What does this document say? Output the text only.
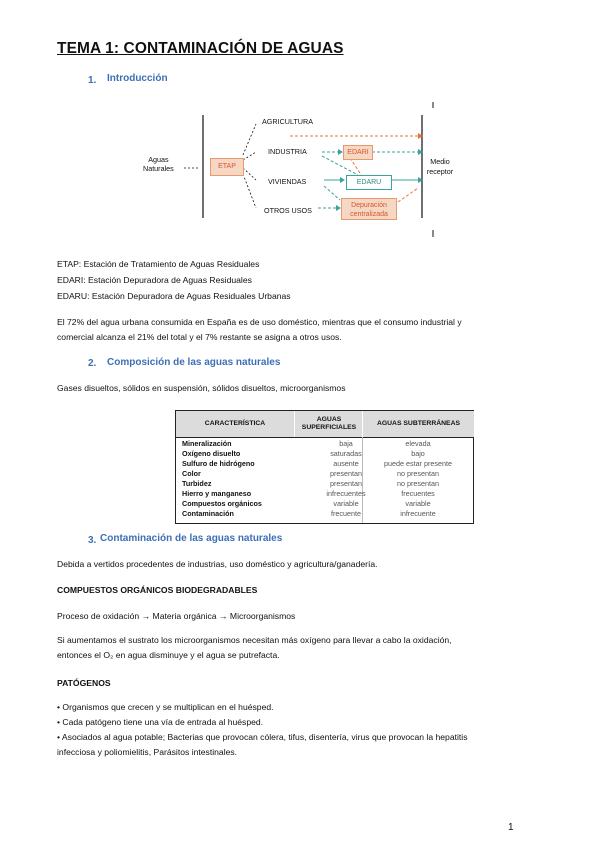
TEMA 1: CONTAMINACIÓN DE AGUAS
1. Introducción
Aguas
Naturales	ETAP
AGRICULTURA
INDUSTRIA
VIVIENDAS
OTROS USOS
EDARI
EDARU
Depuración
centralizada
Medio
receptor
ETAP: Estación de Tratamiento de Aguas Residuales
EDARI: Estación Depuradora de Aguas Residuales
EDARU: Estación Depuradora de Aguas Residuales Urbanas
El 72% del agua urbana consumida en España es de uso doméstico, mientras que el consumo industrial y
comercial alcanza el 21% del total y el 7% restante se asigna a otros usos.
2. Composición de las aguas naturales
Gases disueltos, sólidos en suspensión, sólidos disueltos, microorganismos
CARACTERÍSTICA
AGUAS
SUPERFICIALES
AGUAS SUBTERRÁNEAS
Mineralización	baja	elevada
Oxígeno disuelto	saturadas	bajo
Sulfuro de hidrógeno	ausente	puede estar presente
Color	presentan	no presentan
Turbidez	presentan	no presentan
Hierro y manganeso	infrecuentes	frecuentes
Compuestos orgánicos	variable	variable
Contaminación	frecuente	infrecuente
3. Contaminación de las aguas naturales
Debida a vertidos procedentes de industrias, uso doméstico y agricultura/ganadería.
COMPUESTOS ORGÁNICOS BIODEGRADABLES
Proceso de oxidación → Materia orgánica → Microorganismos
Si aumentamos el sustrato los microorganismos necesitan más oxígeno para llevar a cabo la oxidación,
entonces el O₂ en agua disminuye y el agua se putrefacta.
PATÓGENOS
• Organismos que crecen y se multiplican en el huésped.
• Cada patógeno tiene una vía de entrada al huésped.
• Asociados al agua potable; Bacterias que provocan cólera, tifus, disentería, virus que provocan la hepatitis
infecciosa y poliomielitis, Parásitos intestinales.
1
